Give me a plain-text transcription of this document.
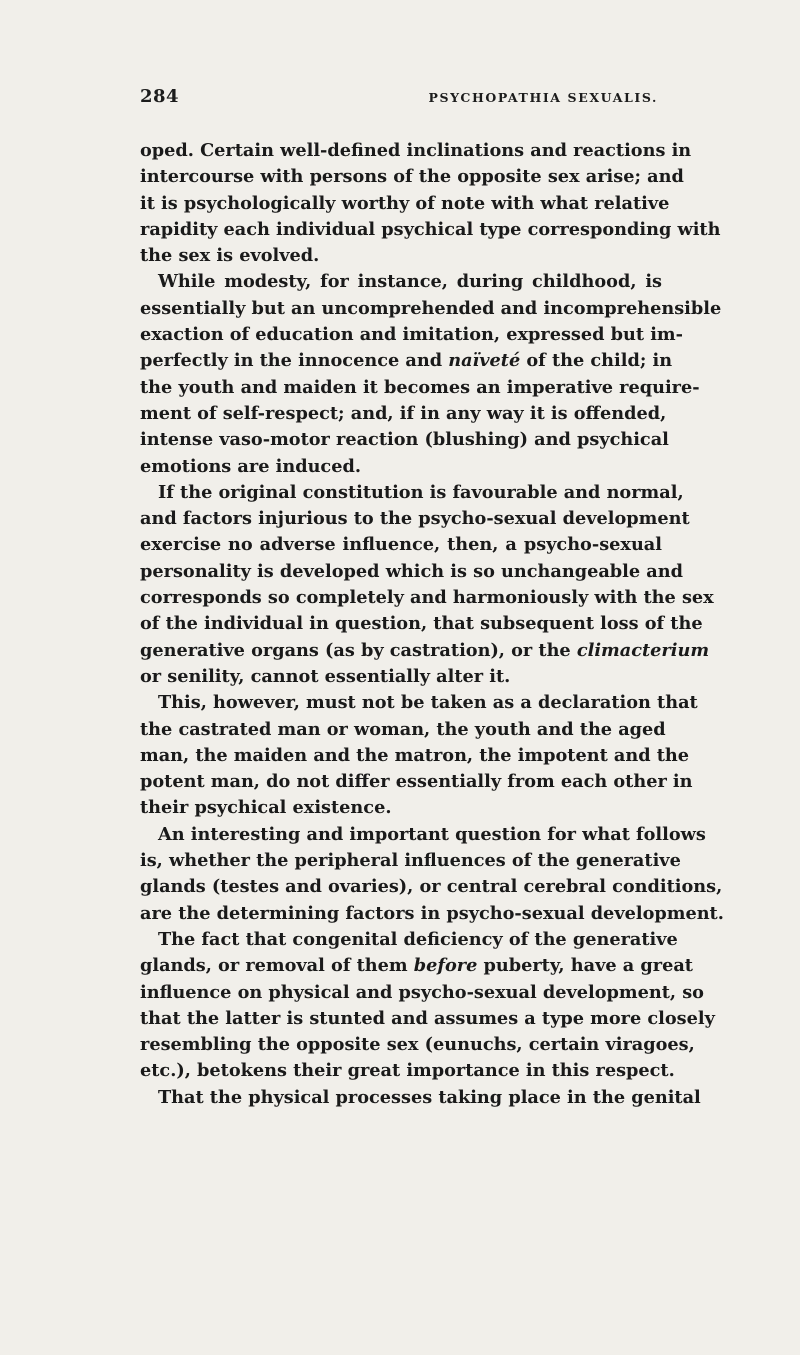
284	PSYCHOPATHIA SEXUALIS.
oped. Certain well-defined inclinations and reactions in
intercourse with persons of the opposite sex arise; and
it is psychologically worthy of note with what relative
rapidity each individual psychical type corresponding with
the sex is evolved.
While modesty, for instance, during childhood, is
essentially but an uncomprehended and incomprehensible
exaction of education and imitation, expressed but im-
perfectly in the innocence and naïveté of the child; in
the youth and maiden it becomes an imperative require-
ment of self-respect; and, if in any way it is offended,
intense vaso-motor reaction (blushing) and psychical
emotions are induced.
If the original constitution is favourable and normal,
and factors injurious to the psycho-sexual development
exercise no adverse influence, then, a psycho-sexual
personality is developed which is so unchangeable and
corresponds so completely and harmoniously with the sex
of the individual in question, that subsequent loss of the
generative organs (as by castration), or the climacterium
or senility, cannot essentially alter it.
This, however, must not be taken as a declaration that
the castrated man or woman, the youth and the aged
man, the maiden and the matron, the impotent and the
potent man, do not differ essentially from each other in
their psychical existence.
An interesting and important question for what follows
is, whether the peripheral influences of the generative
glands (testes and ovaries), or central cerebral conditions,
are the determining factors in psycho-sexual development.
The fact that congenital deficiency of the generative
glands, or removal of them before puberty, have a great
influence on physical and psycho-sexual development, so
that the latter is stunted and assumes a type more closely
resembling the opposite sex (eunuchs, certain viragoes,
etc.), betokens their great importance in this respect.
That the physical processes taking place in the genital
